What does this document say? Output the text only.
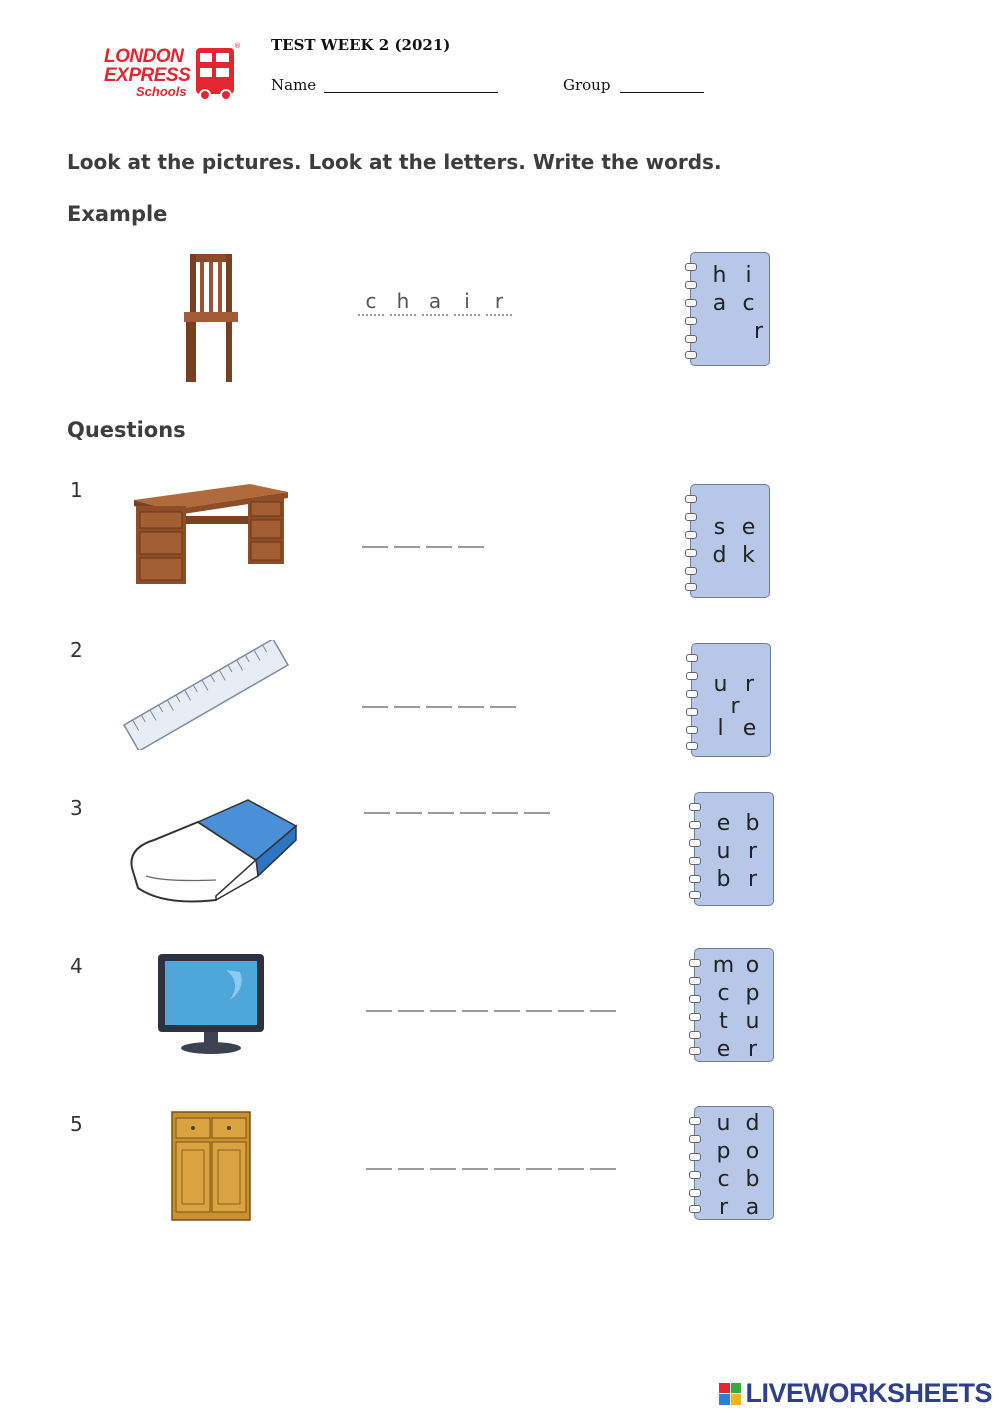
LONDON
EXPRESS
Schools
® TEST WEEK 2 (2021)
Name	Group
Look at the pictures. Look at the letters. Write the words.
Example
Questions
c	h a	i	r
h i
a c
r
1
s e
d k
2
u r
r
l e
3
e b
u r
b r
4	m o
c p
t u
e r
5	u d
p o
c b
r a
LIVEWORKSHEETS
